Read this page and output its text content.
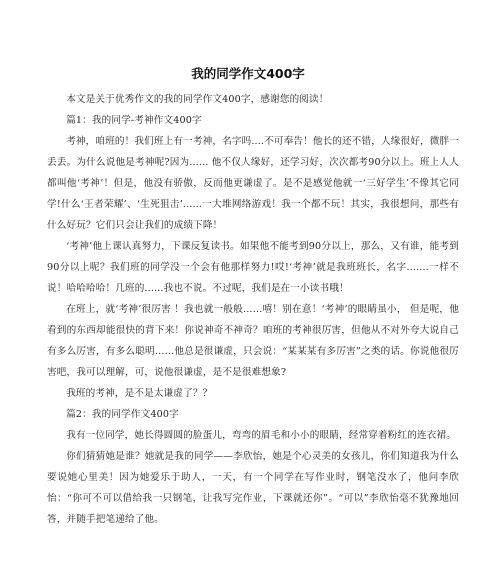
我的同学作文400字

本文是关于优秀作文的我的同学作文400字，感谢您的阅读！

篇1：我的同学-考神作文400字

考神，咱班的！我们班上有一考神，名字吗....不可奉告！他长的还不错，人缘很好，微胖一丢丢。为什么说他是考神呢?因为...... 他不仅人缘好，还学习好，次次都考90分以上。班上人人都叫他‘考神’！但是，他没有骄傲，反而他更谦虚了。是不是感觉他就一‘三好学生’不像其它同学!什么‘王者荣耀’、‘生死狙击’......一大堆网络游戏！我一个都不玩！其实，我很想问，那些有什么好玩？它们只会让我们的成绩下降！

‘考神’他上课认真努力，下课反复读书。如果他不能考到90分以上，那么，又有谁，能考到90分以上呢？我们班的同学没一个会有他那样努力!哎!‘考神’就是我班班长，名字.......一样不说！哈哈哈哈！几班的......我也不说。不过呢，我们是在一小读书哦！

在班上，就‘考神’很厉害 ！我也就一般般……嘻！别在意！‘考神’的眼睛虽小， 但是呢，他看到的东西却能很快的背下来！你说神奇不神奇？咱班的考神很厉害，但他从不对外夸大说自己有多么厉害，有多么聪明……他总是很谦虚，只会说：“某某某有多厉害”之类的话。你说他很厉害吧，我可以理解，可，说他很谦虚，是不是很难想象?

我班的考神，是不是太谦虚了？？

篇2：我的同学作文400字

我有一位同学，她长得圆圆的脸蛋儿，弯弯的眉毛和小小的眼睛，经常穿着粉红的连衣裙。

你们猜猜她是谁？她就是我的同学——李欣怡，她是个心灵美的女孩儿，你们知道我为什么要说她心里美！因为她爱乐于助人，一天，有一个同学在写作业时，钢笔没水了，他问李欣怡：“你可不可以借给我一只钢笔，让我写完作业，下课就还你”。“可以”李欣怡毫不犹豫地回答，并随手把笔递给了他。
